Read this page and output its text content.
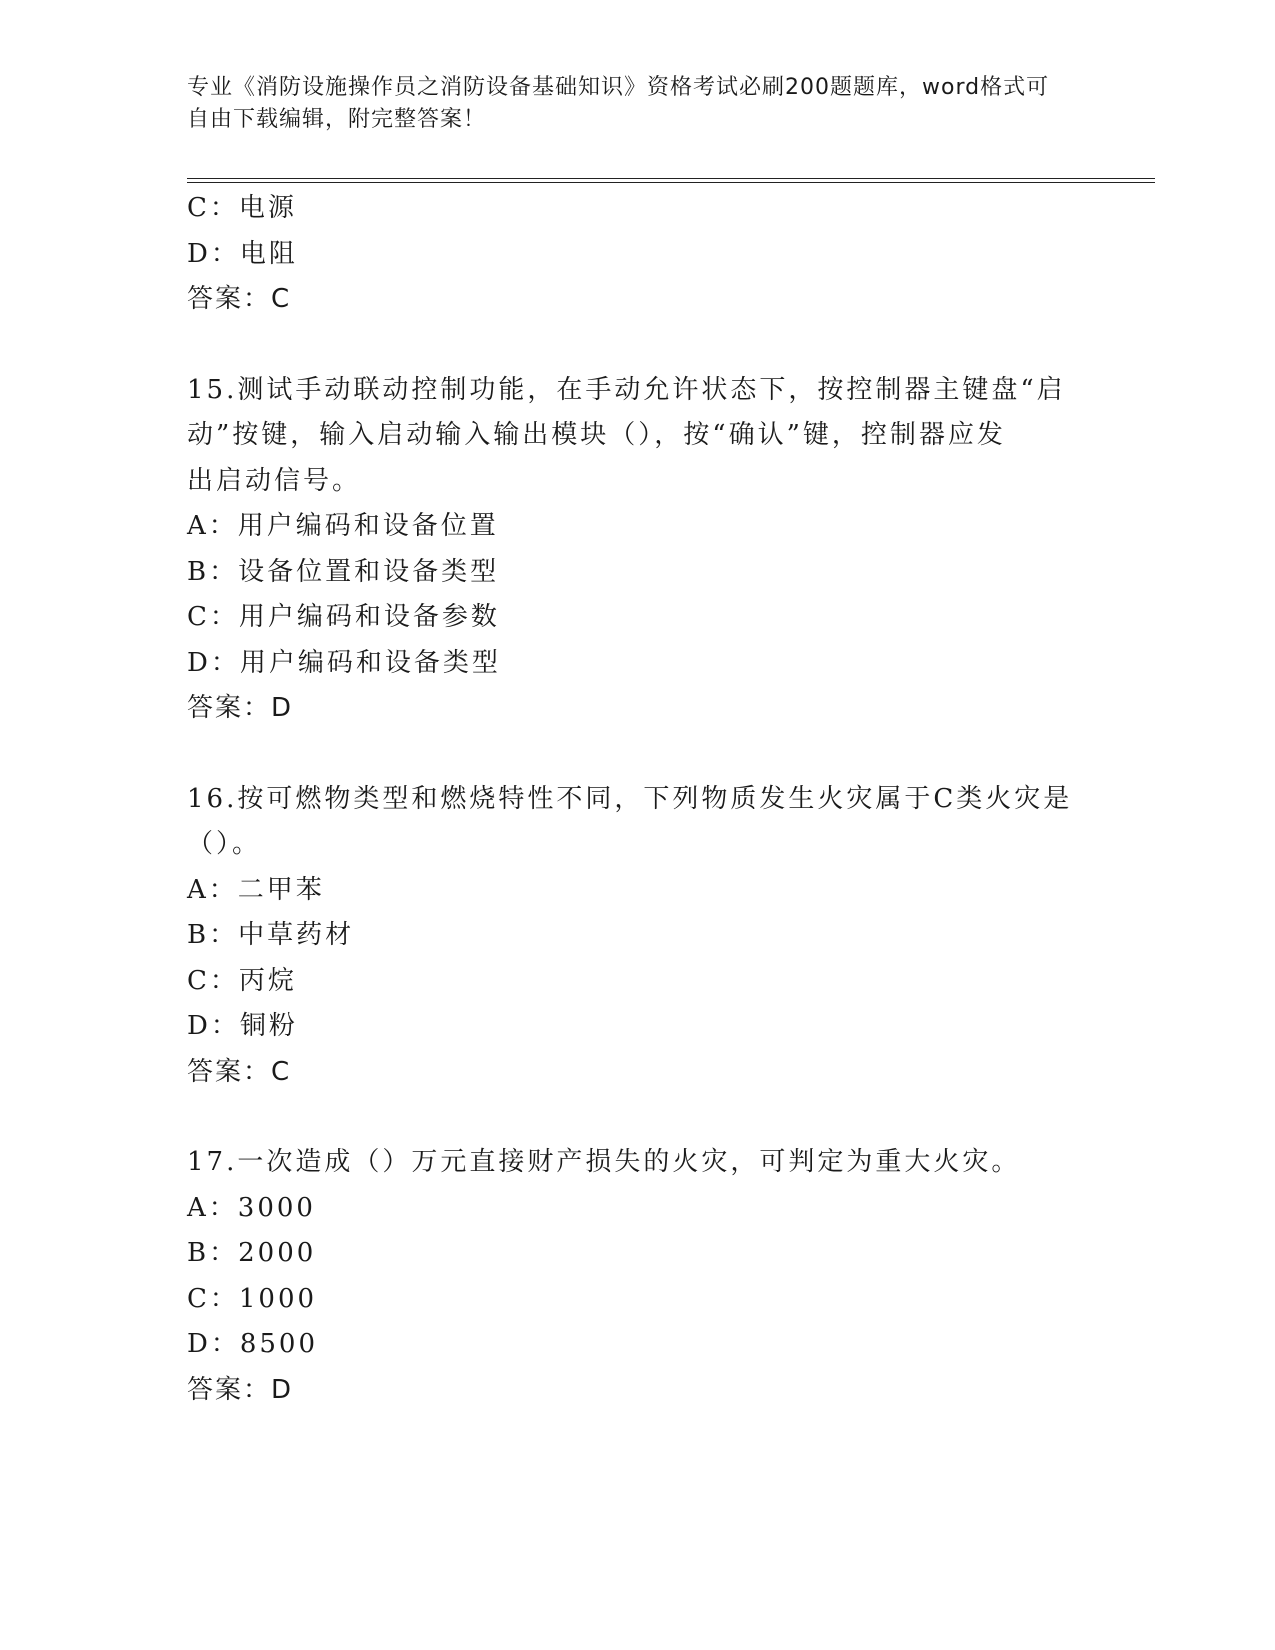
专业《消防设施操作员之消防设备基础知识》资格考试必刷200题题库，word格式可自由下载编辑，附完整答案！
C：电源
D：电阻
答案：C
15.测试手动联动控制功能，在手动允许状态下，按控制器主键盘“启
动”按键，输入启动输入输出模块（），按“确认”键，控制器应发
出启动信号。
A：用户编码和设备位置
B：设备位置和设备类型
C：用户编码和设备参数
D：用户编码和设备类型
答案：D
16.按可燃物类型和燃烧特性不同，下列物质发生火灾属于C类火灾是
（）。
A：二甲苯
B：中草药材
C：丙烷
D：铜粉
答案：C
17.一次造成（）万元直接财产损失的火灾，可判定为重大火灾。
A：3000
B：2000
C：1000
D：8500
答案：D
